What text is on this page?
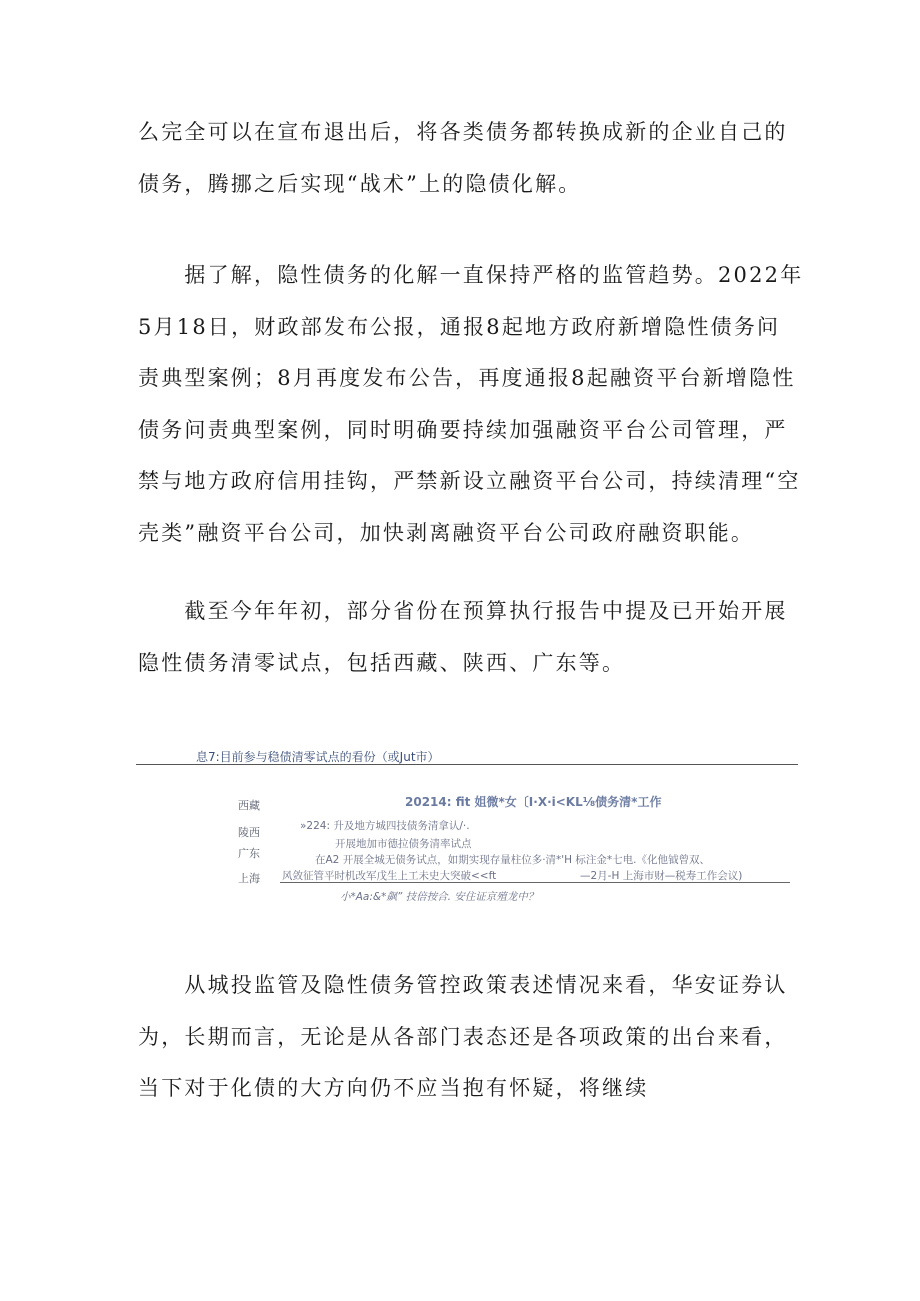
么完全可以在宣布退出后，将各类债务都转换成新的企业自己的
债务，腾挪之后实现“战术”上的隐债化解。
　　据了解，隐性债务的化解一直保持严格的监管趋势。2022年
5月18日，财政部发布公报，通报8起地方政府新增隐性债务问
责典型案例；8月再度发布公告，再度通报8起融资平台新增隐性
债务问责典型案例，同时明确要持续加强融资平台公司管理，严
禁与地方政府信用挂钩，严禁新设立融资平台公司，持续清理“空
壳类”融资平台公司，加快剥离融资平台公司政府融资职能。
　　截至今年年初，部分省份在预算执行报告中提及已开始开展
隐性债务清零试点，包括西藏、陕西、广东等。
息7:目前参与稳债清零试点的看份（或Jut市）
西藏
陵西
广东
上海
20214: fit 姐微*女〔I·X·i<KL⅛债务清*工作
»224: 升及地方城四技债务清拿认/·.
开展地加市德拉债务清率试点
在A2 开展全城无债务试点，如期实现存量柱位多·清*'H 标注金*七电.《化他钺曾双、
风敛征管平时机改军戊生上工未史大突破<<ft	—2月-H 上海市财—税寿工作会议)
小*Aa:&*飙” 技倍按合. 安住证京殖龙中？
　　从城投监管及隐性债务管控政策表述情况来看，华安证券认
为，长期而言，无论是从各部门表态还是各项政策的出台来看，
当下对于化债的大方向仍不应当抱有怀疑，将继续
